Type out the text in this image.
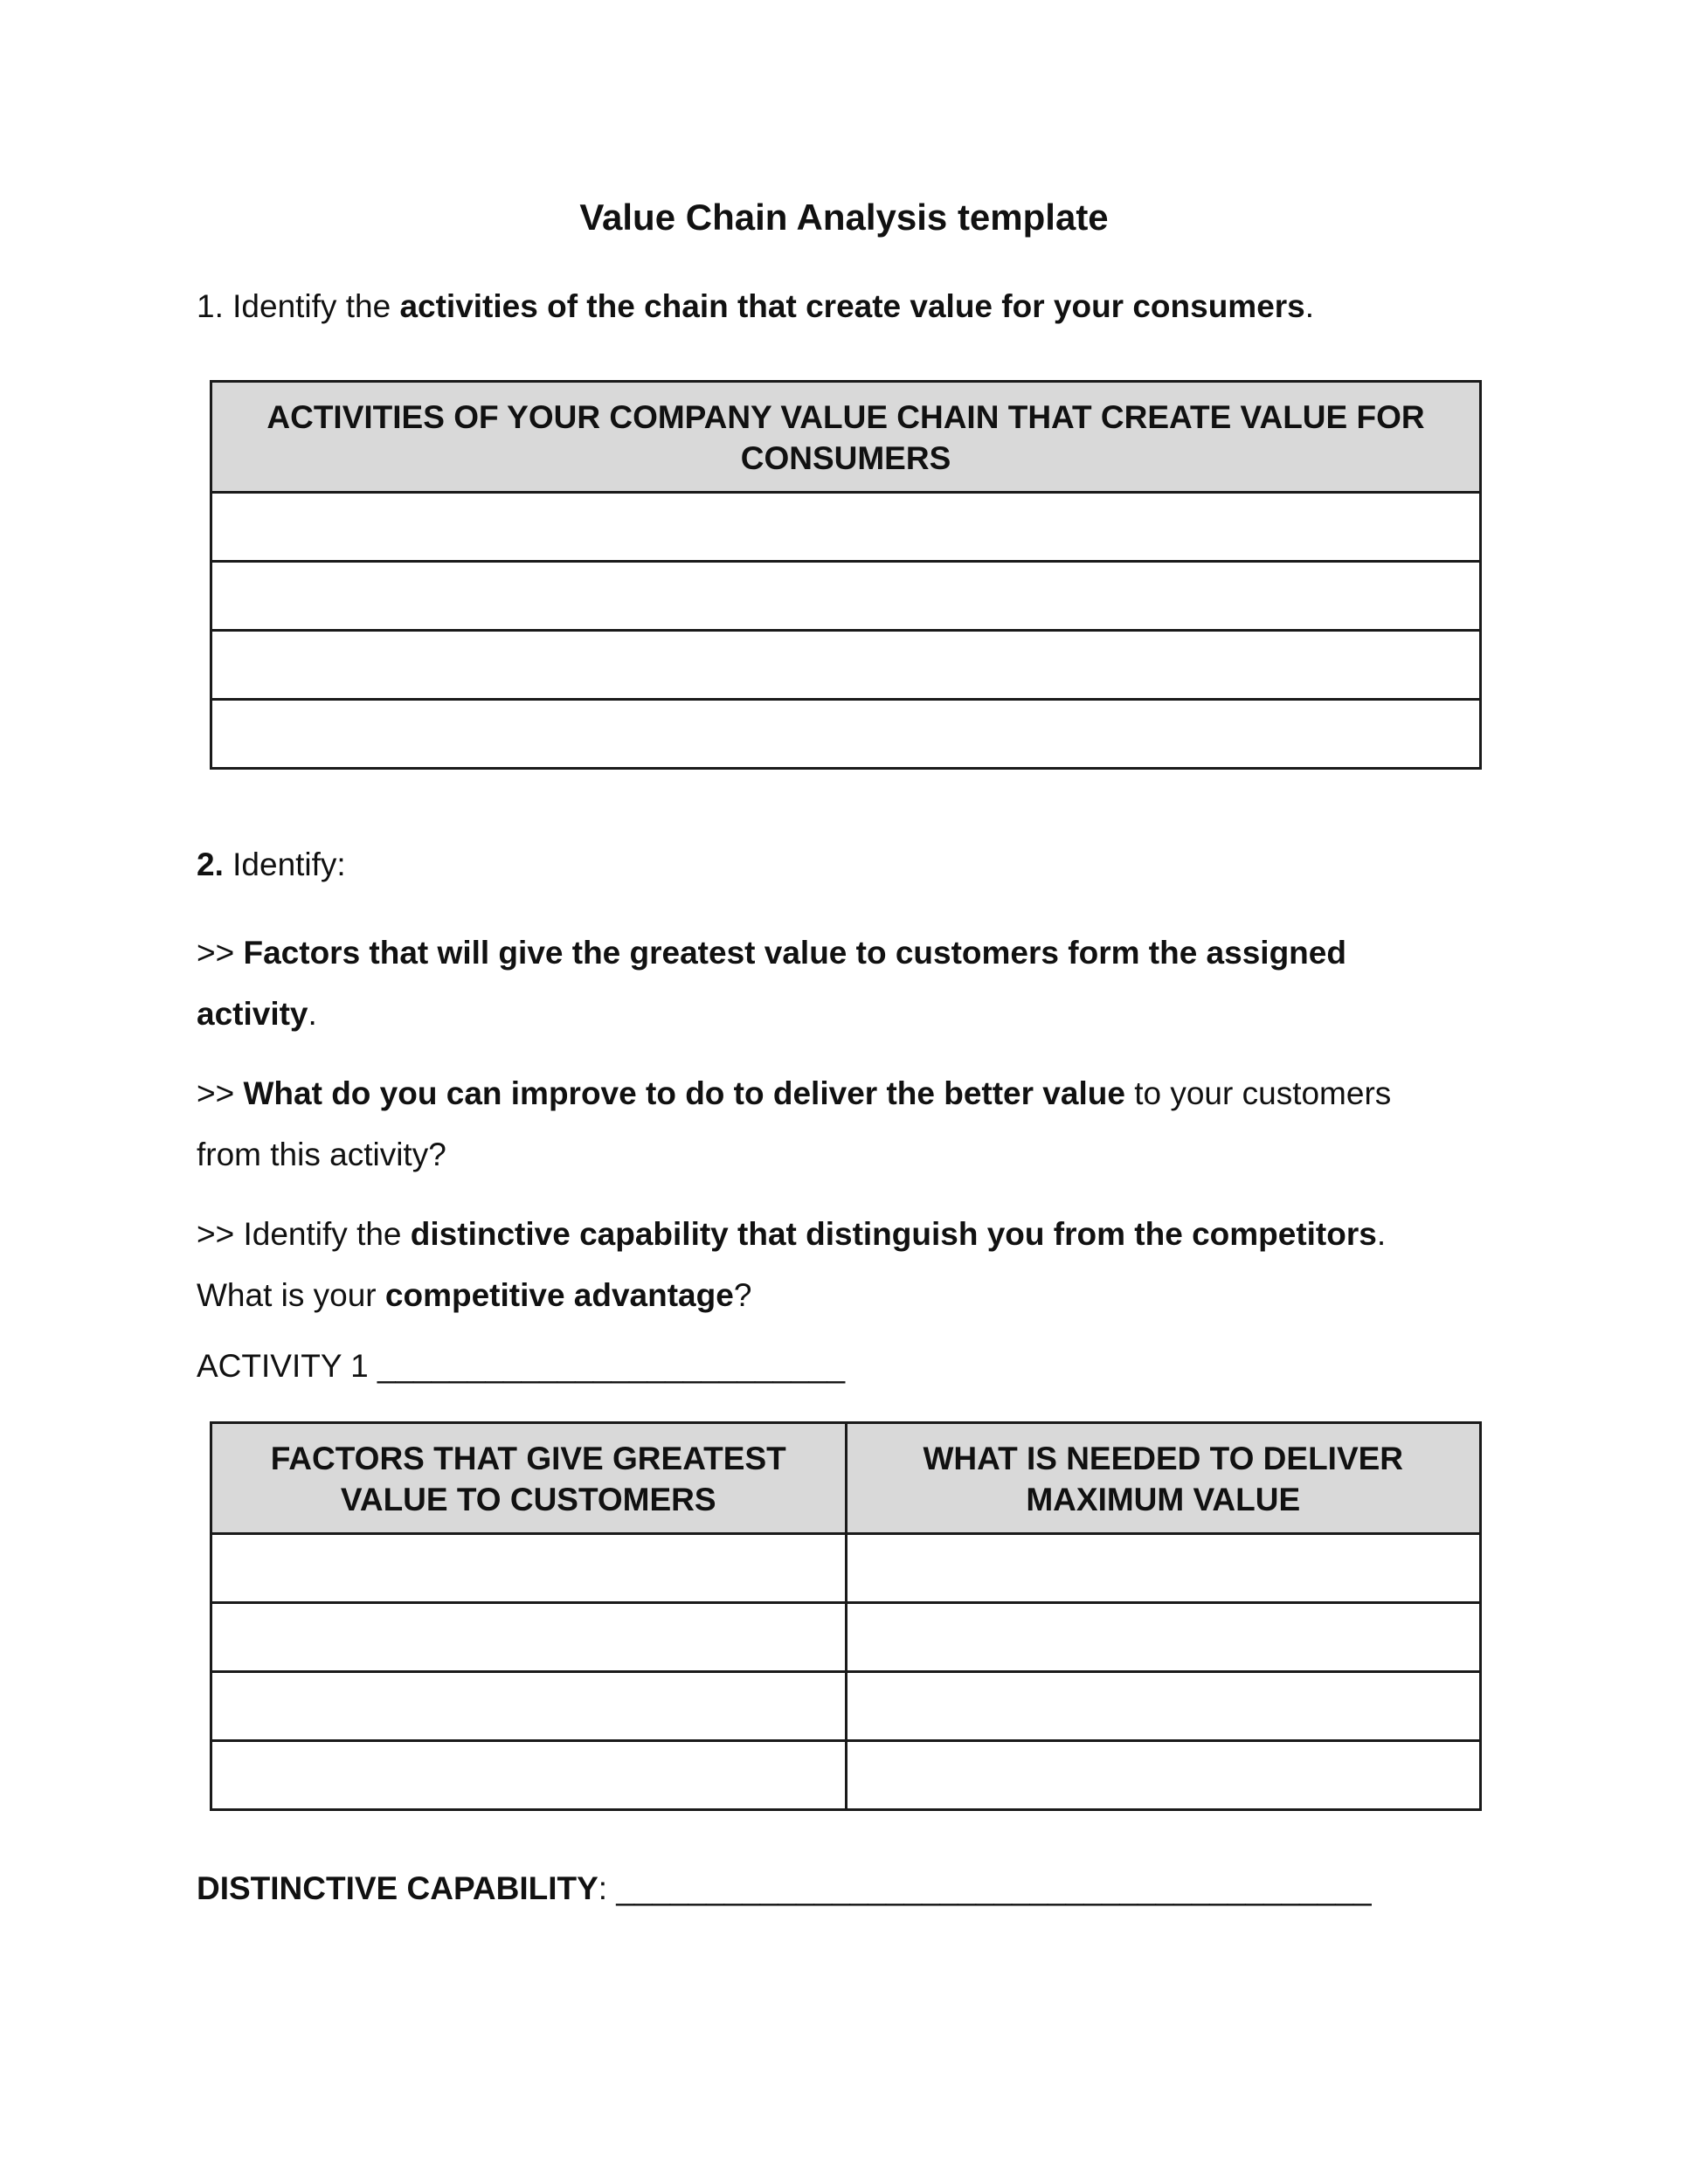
Value Chain Analysis template
1. Identify the activities of the chain that create value for your consumers.
ACTIVITIES OF YOUR COMPANY VALUE CHAIN THAT CREATE VALUE FOR CONSUMERS

2. Identify:
>> Factors that will give the greatest value to customers form the assigned activity.
>> What do you can improve to do to deliver the better value to your customers from this activity?
>> Identify the distinctive capability that distinguish you from the competitors.
What is your competitive advantage?
ACTIVITY 1 __________________________
FACTORS THAT GIVE GREATEST VALUE TO CUSTOMERS	WHAT IS NEEDED TO DELIVER MAXIMUM VALUE

DISTINCTIVE CAPABILITY: __________________________________________
